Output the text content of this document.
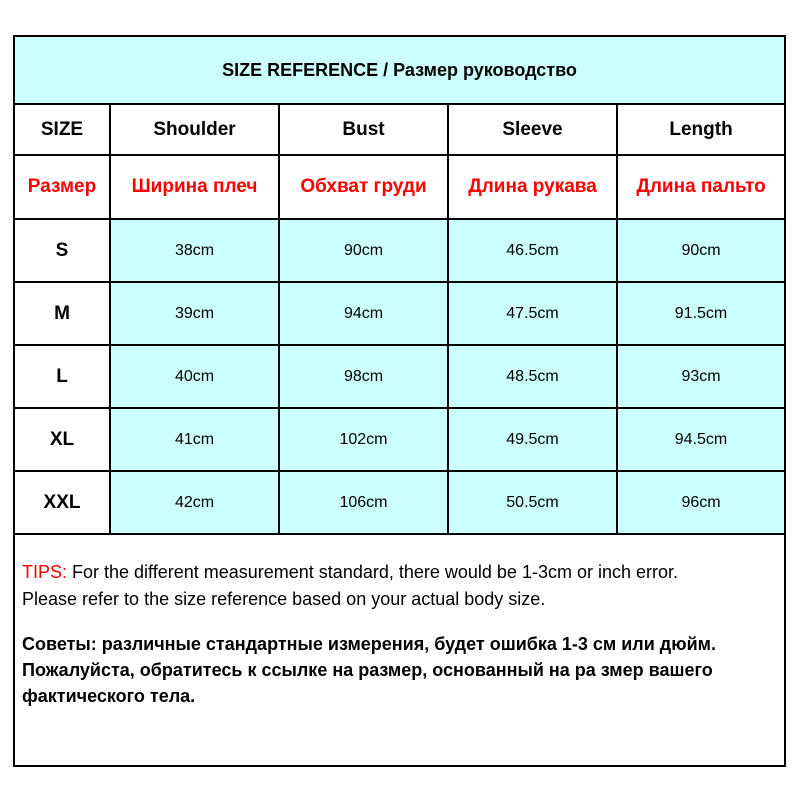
SIZE REFERENCE / Размер руководство				
SIZE	Shoulder	Bust	Sleeve	Length
Размер	Ширина плеч	Обхват груди	Длина рукава	Длина пальто
S	38cm	90cm	46.5cm	90cm
M	39cm	94cm	47.5cm	91.5cm
L	40cm	98cm	48.5cm	93cm
XL	41cm	102cm	49.5cm	94.5cm
XXL	42cm	106cm	50.5cm	96cm

TIPS: For the different measurement standard, there would be 1-3cm or inch error.
Please refer to the size reference based on your actual body size.

Советы: различные стандартные измерения, будет ошибка 1-3 см или дюйм. Пожалуйста, обратитесь к ссылке на размер, основанный на ра змер вашего фактического тела.
